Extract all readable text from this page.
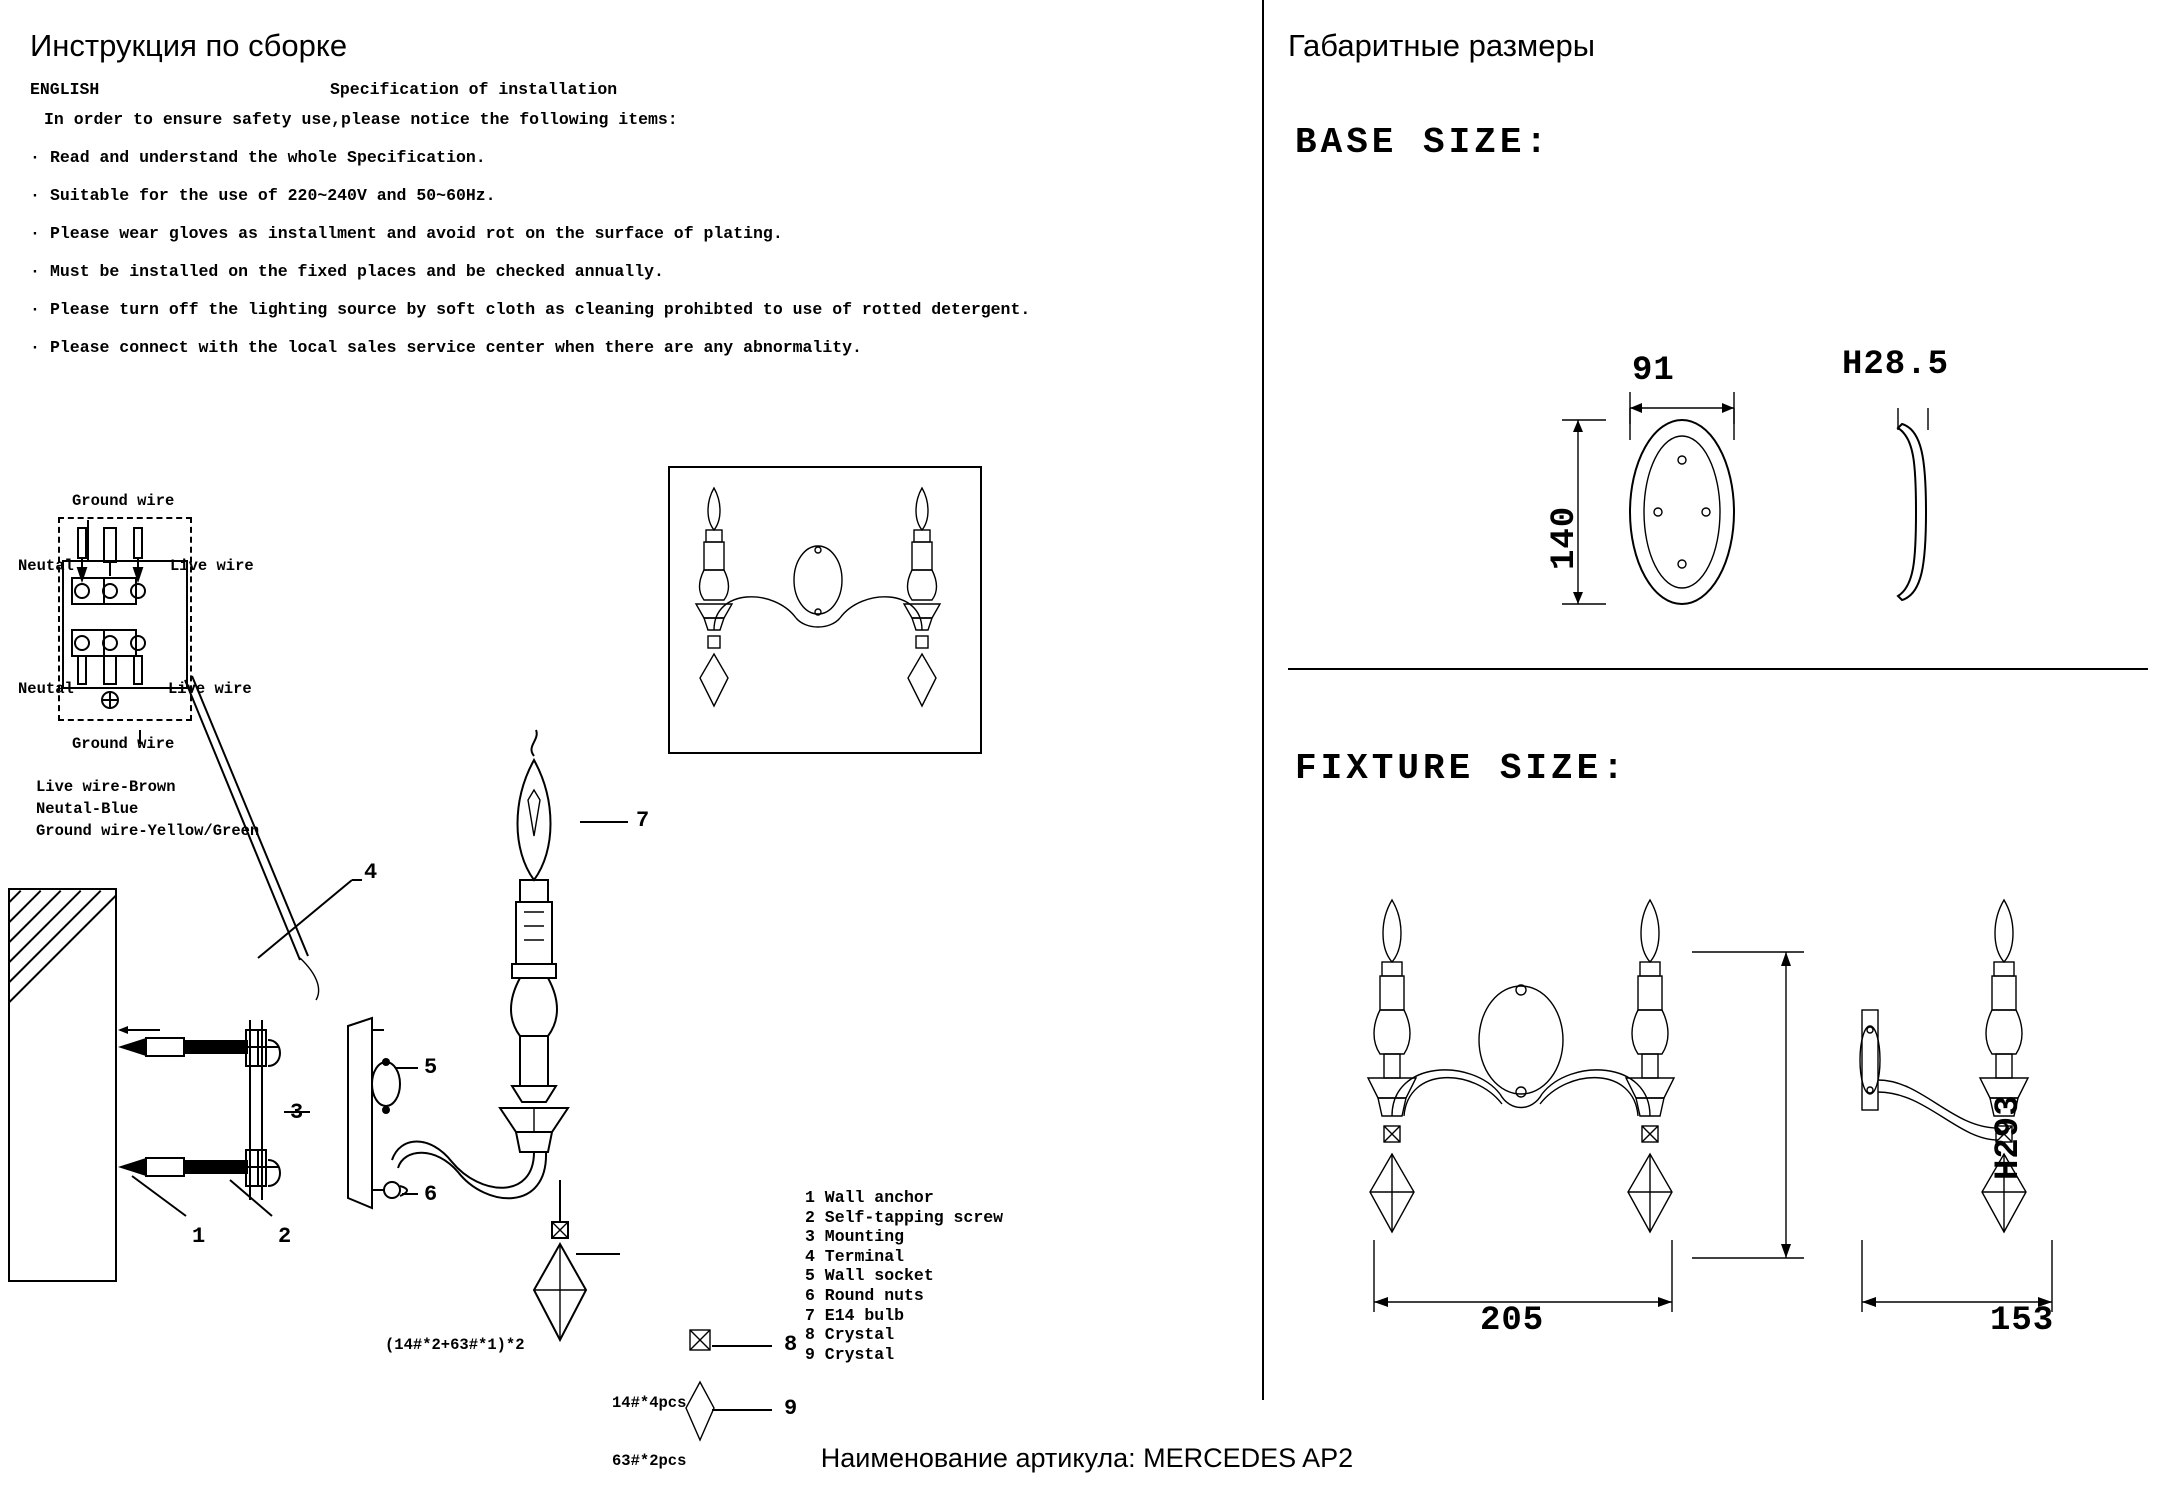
Инструкция по сборке	Габаритные размеры
BASE SIZE:
FIXTURE SIZE:
ENGLISH	Specification of installation
In order to ensure safety use,please notice the following items:
· Read and understand the whole Specification.
· Suitable for the use of 220~240V and 50~60Hz.
· Please wear gloves as installment and avoid rot on the surface of plating.
· Must be installed on the fixed places and be checked annually.
· Please turn off the lighting source by soft cloth as cleaning prohibted to use of rotted detergent.
· Please connect with the local sales service center when there are any abnormality.
Ground wire
Neutal	Live wire
Neutal	Live wire
Ground wire
Live wire-Brown
Neutal-Blue
Ground wire-Yellow/Green
4
5
6
7
1	2
3
(14#*2+63#*1)*2
14#*4pcs
63#*2pcs
8
9
1 Wall anchor
2 Self-tapping screw
3 Mounting
4 Terminal
5 Wall socket
6 Round nuts
7 E14 bulb
8 Crystal
9 Crystal
91
140
H28.5
H293
205	153
Наименование артикула: MERCEDES AP2
